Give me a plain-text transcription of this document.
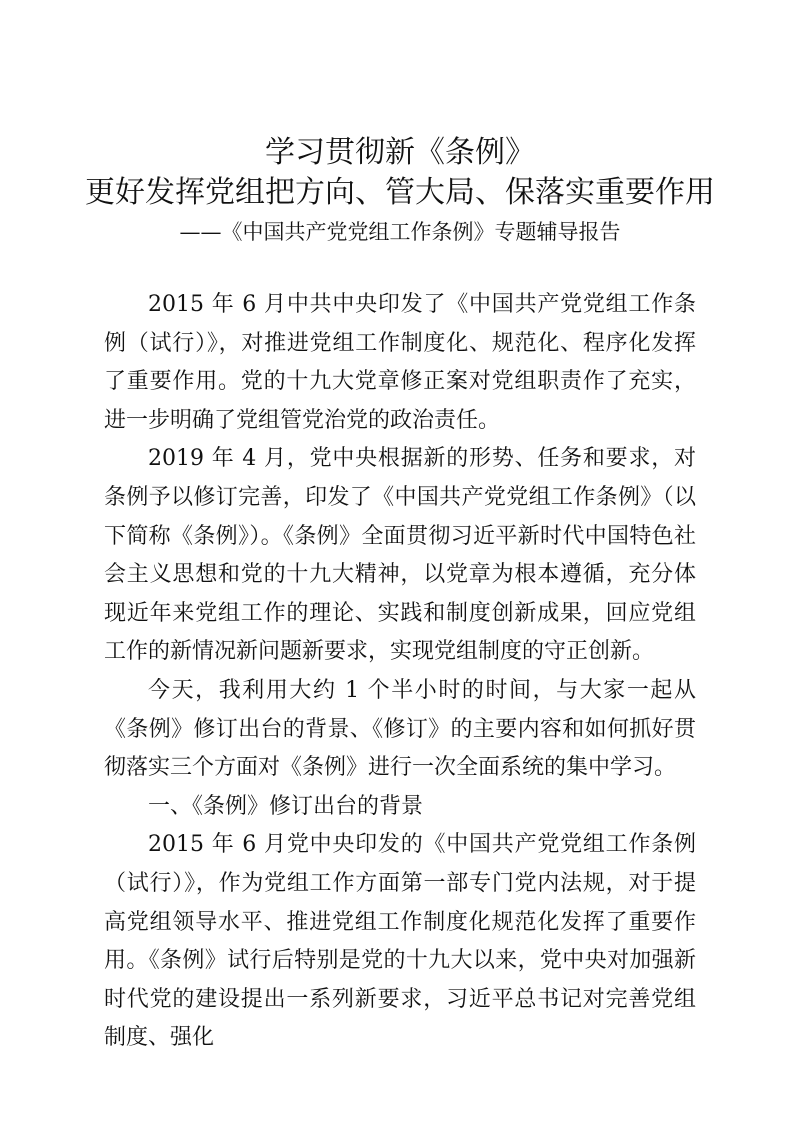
学习贯彻新《条例》
更好发挥党组把方向、管大局、保落实重要作用
——《中国共产党党组工作条例》专题辅导报告

2015 年 6 月中共中央印发了《中国共产党党组工作条例（试行）》，对推进党组工作制度化、规范化、程序化发挥了重要作用。党的十九大党章修正案对党组职责作了充实，进一步明确了党组管党治党的政治责任。

2019 年 4 月，党中央根据新的形势、任务和要求，对条例予以修订完善，印发了《中国共产党党组工作条例》（以下简称《条例》）。《条例》全面贯彻习近平新时代中国特色社会主义思想和党的十九大精神，以党章为根本遵循，充分体现近年来党组工作的理论、实践和制度创新成果，回应党组工作的新情况新问题新要求，实现党组制度的守正创新。

今天，我利用大约 1 个半小时的时间，与大家一起从《条例》修订出台的背景、《修订》的主要内容和如何抓好贯彻落实三个方面对《条例》进行一次全面系统的集中学习。

一、《条例》修订出台的背景

2015 年 6 月党中央印发的《中国共产党党组工作条例（试行）》，作为党组工作方面第一部专门党内法规，对于提高党组领导水平、推进党组工作制度化规范化发挥了重要作用。《条例》试行后特别是党的十九大以来，党中央对加强新时代党的建设提出一系列新要求，习近平总书记对完善党组制度、强化
